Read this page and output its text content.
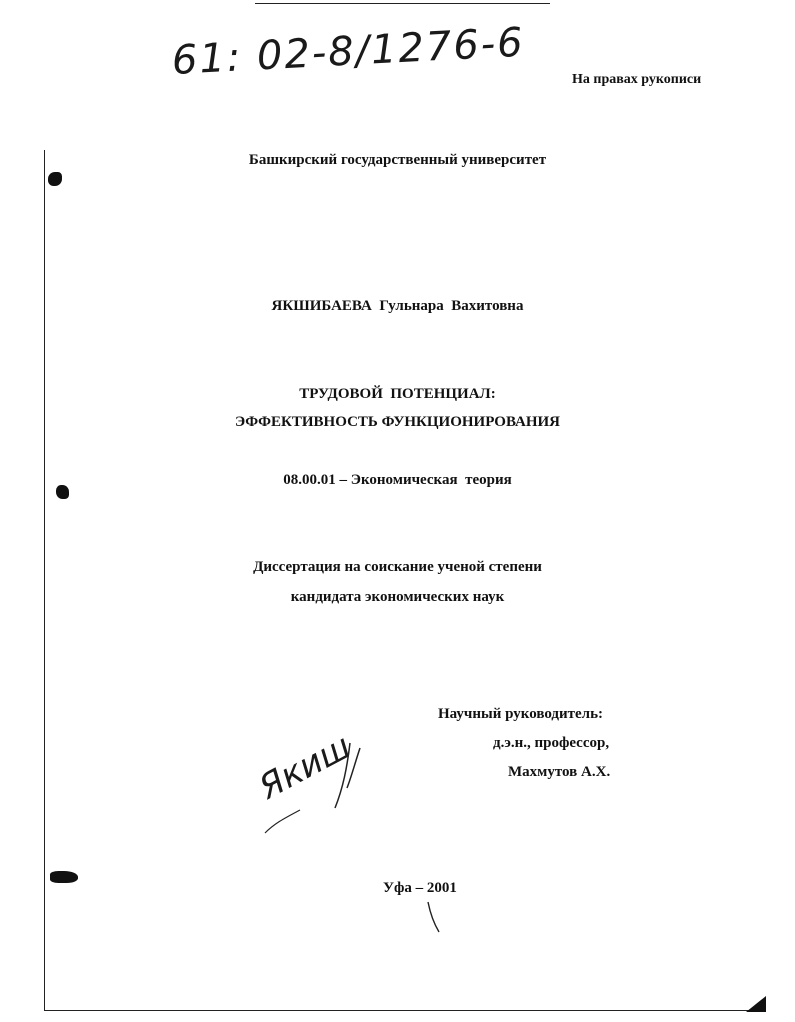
61: 02-8/1276-6	На правах рукописи
Башкирский государственный университет
ЯКШИБАЕВА  Гульнара  Вахитовна
ТРУДОВОЙ  ПОТЕНЦИАЛ:
ЭФФЕКТИВНОСТЬ ФУНКЦИОНИРОВАНИЯ
08.00.01 – Экономическая  теория
Диссертация на соискание ученой степени
кандидата экономических наук
Научный руководитель:
д.э.н., профессор,
Махмутов А.Х.
Якиш
Уфа – 2001
